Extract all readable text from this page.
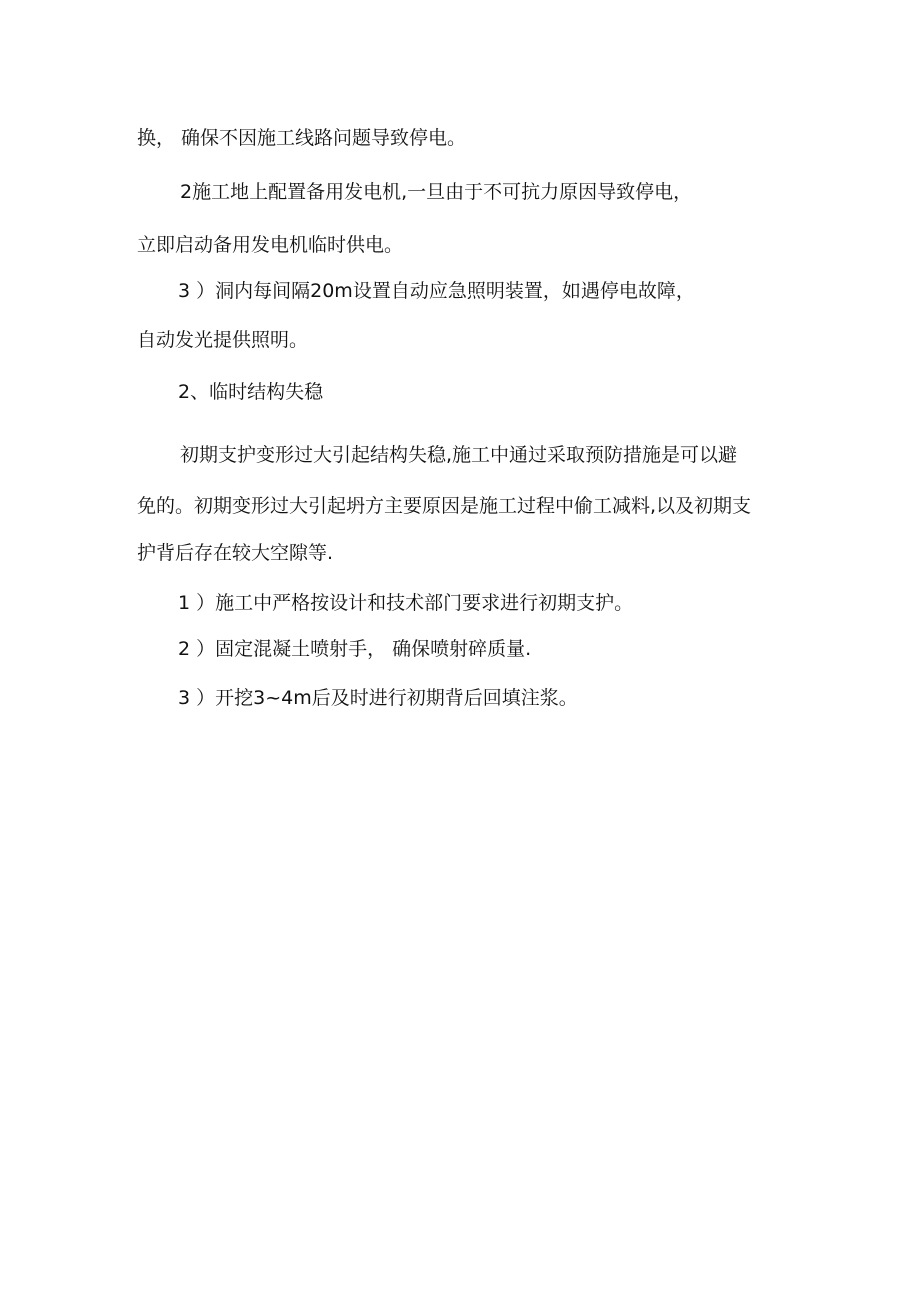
换， 确保不因施工线路问题导致停电。
2施工地上配置备用发电机,一旦由于不可抗力原因导致停电，
立即启动备用发电机临时供电。
3 ）洞内每间隔20m设置自动应急照明装置，如遇停电故障，
自动发光提供照明。
2、临时结构失稳
初期支护变形过大引起结构失稳,施工中通过采取预防措施是可以避
免的。初期变形过大引起坍方主要原因是施工过程中偷工减料,以及初期支
护背后存在较大空隙等.
1 ）施工中严格按设计和技术部门要求进行初期支护。
2 ）固定混凝土喷射手， 确保喷射碎质量.
3 ）开挖3~4m后及时进行初期背后回填注浆。
